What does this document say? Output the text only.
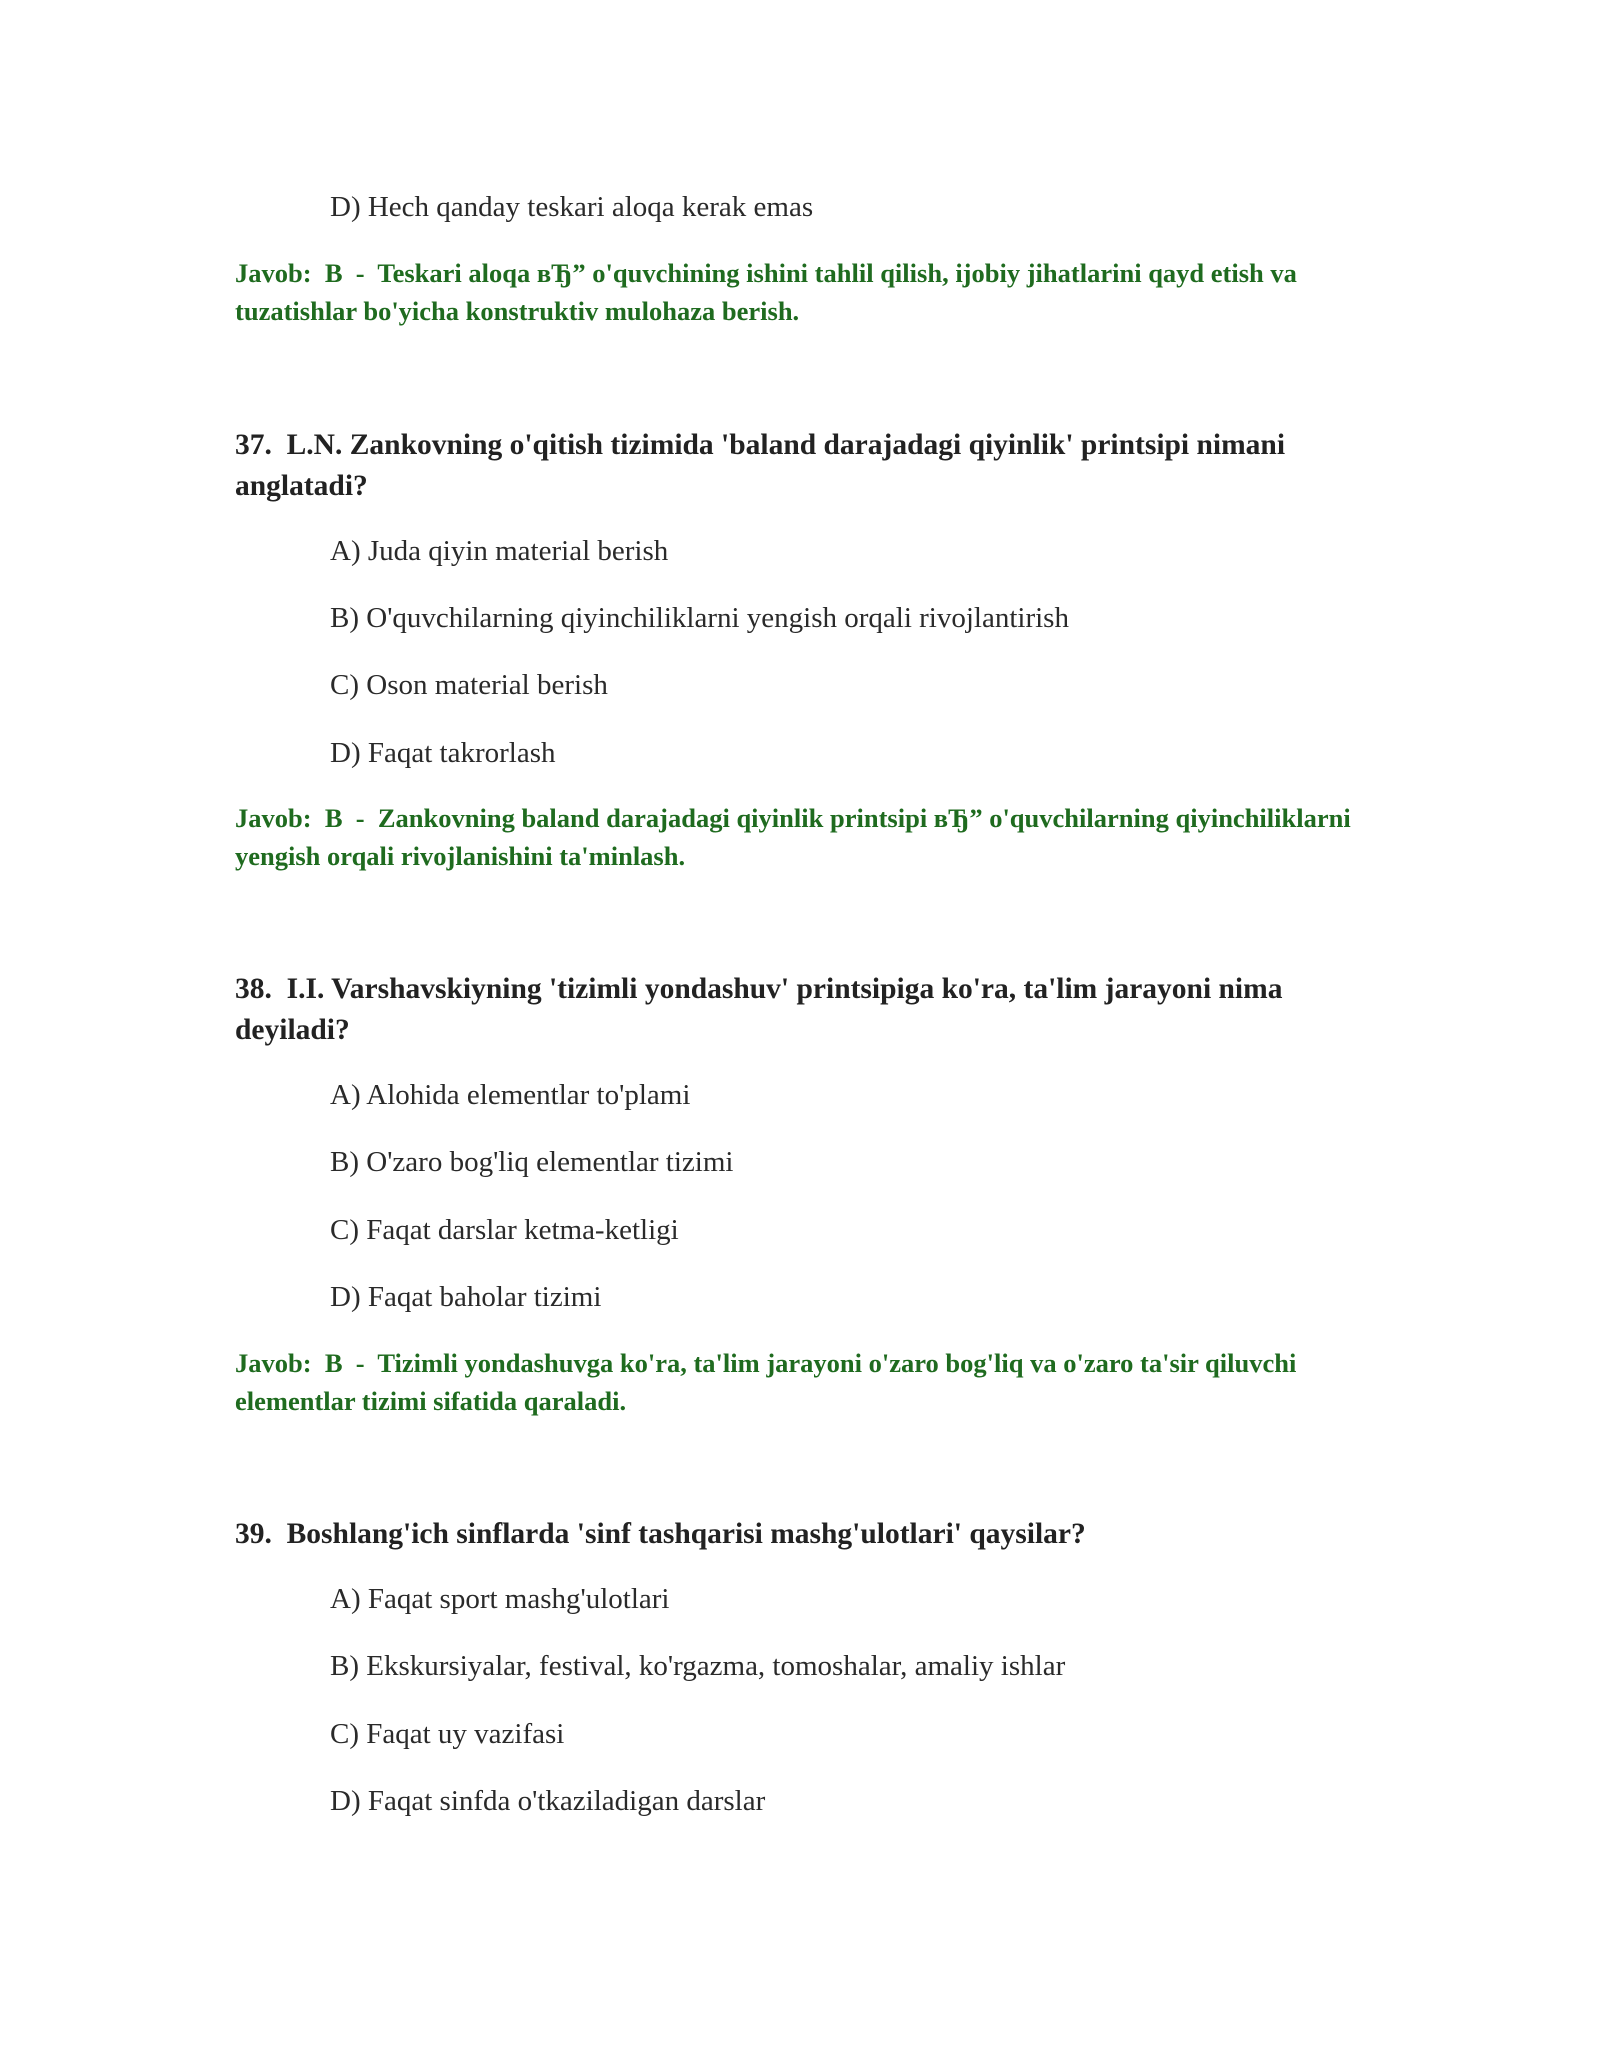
D) Hech qanday teskari aloqa kerak emas
Javob:  B  -  Teskari aloqa вЂ” o'quvchining ishini tahlil qilish, ijobiy jihatlarini qayd etish va tuzatishlar bo'yicha konstruktiv mulohaza berish.
37.  L.N. Zankovning o'qitish tizimida 'baland darajadagi qiyinlik' printsipi nimani anglatadi?
A) Juda qiyin material berish
B) O'quvchilarning qiyinchiliklarni yengish orqali rivojlantirish
C) Oson material berish
D) Faqat takrorlash
Javob:  B  -  Zankovning baland darajadagi qiyinlik printsipi вЂ” o'quvchilarning qiyinchiliklarni yengish orqali rivojlanishini ta'minlash.
38.  I.I. Varshavskiyning 'tizimli yondashuv' printsipiga ko'ra, ta'lim jarayoni nima deyiladi?
A) Alohida elementlar to'plami
B) O'zaro bog'liq elementlar tizimi
C) Faqat darslar ketma-ketligi
D) Faqat baholar tizimi
Javob:  B  -  Tizimli yondashuvga ko'ra, ta'lim jarayoni o'zaro bog'liq va o'zaro ta'sir qiluvchi elementlar tizimi sifatida qaraladi.
39.  Boshlang'ich sinflarda 'sinf tashqarisi mashg'ulotlari' qaysilar?
A) Faqat sport mashg'ulotlari
B) Ekskursiyalar, festival, ko'rgazma, tomoshalar, amaliy ishlar
C) Faqat uy vazifasi
D) Faqat sinfda o'tkaziladigan darslar
